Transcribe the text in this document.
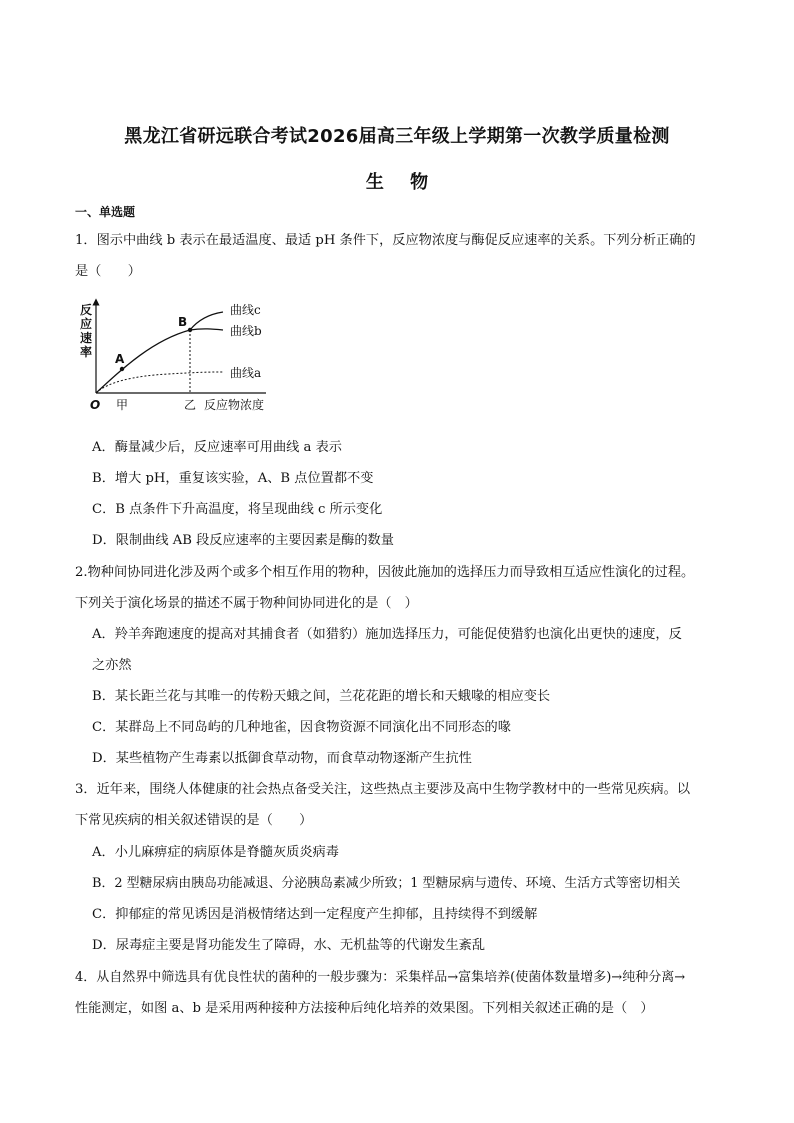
黑龙江省研远联合考试2026届高三年级上学期第一次教学质量检测
生 物
一、单选题
1．图示中曲线 b 表示在最适温度、最适 pH 条件下，反应物浓度与酶促反应速率的关系。下列分析正确的
是（　　）
反
应
速
率 A
B
曲线c
曲线b
曲线a
O 甲	乙 反应物浓度
A．酶量减少后，反应速率可用曲线 a 表示
B．增大 pH，重复该实验，A、B 点位置都不变
C．B 点条件下升高温度，将呈现曲线 c 所示变化
D．限制曲线 AB 段反应速率的主要因素是酶的数量
2.物种间协同进化涉及两个或多个相互作用的物种，因彼此施加的选择压力而导致相互适应性演化的过程。
下列关于演化场景的描述不属于物种间协同进化的是（　）
A．羚羊奔跑速度的提高对其捕食者（如猎豹）施加选择压力，可能促使猎豹也演化出更快的速度，反
之亦然
B．某长距兰花与其唯一的传粉天蛾之间，兰花花距的增长和天蛾喙的相应变长
C．某群岛上不同岛屿的几种地雀，因食物资源不同演化出不同形态的喙
D．某些植物产生毒素以抵御食草动物，而食草动物逐渐产生抗性
3．近年来，围绕人体健康的社会热点备受关注，这些热点主要涉及高中生物学教材中的一些常见疾病。以
下常见疾病的相关叙述错误的是（　　）
A．小儿麻痹症的病原体是脊髓灰质炎病毒
B．2 型糖尿病由胰岛功能减退、分泌胰岛素减少所致；1 型糖尿病与遗传、环境、生活方式等密切相关
C．抑郁症的常见诱因是消极情绪达到一定程度产生抑郁，且持续得不到缓解
D．尿毒症主要是肾功能发生了障碍，水、无机盐等的代谢发生紊乱
4．从自然界中筛选具有优良性状的菌种的一般步骤为：采集样品→富集培养(使菌体数量增多)→纯种分离→
性能测定，如图 a、b 是采用两种接种方法接种后纯化培养的效果图。下列相关叙述正确的是（　）
